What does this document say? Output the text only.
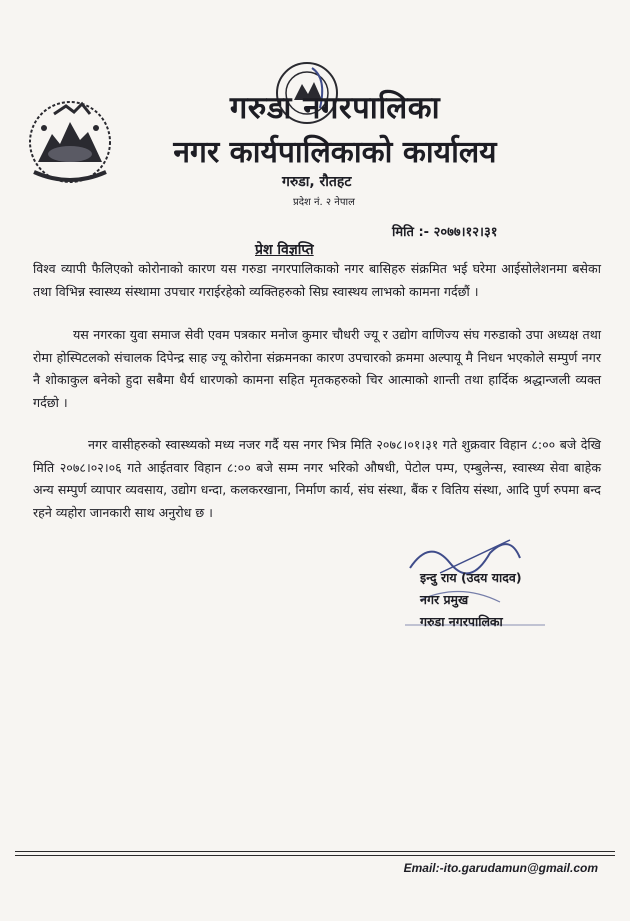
गरुडा नगरपालिका
नगर कार्यपालिकाको कार्यालय
गरुडा, रौतहट
प्रदेश नं. २ नेपाल
मिति :- २०७७।१२।३१
प्रेश विज्ञप्ति
विश्व व्यापी फैलिएको कोरोनाको कारण यस गरुडा नगरपालिकाको नगर बासिहरु संक्रमित भई घरेमा आईसोलेशनमा बसेका तथा विभिन्न स्वास्थ्य संस्थामा उपचार गराईरहेको व्यक्तिहरुको सिघ्र स्वास्थय लाभको कामना गर्दछौं ।
यस नगरका युवा समाज सेवी एवम पत्रकार मनोज कुमार चौधरी ज्यू र उद्योग वाणिज्य संघ गरुडाको उपा अध्यक्ष तथा रोमा होस्पिटलको संचालक दिपेन्द्र साह ज्यू कोरोना संक्रमनका कारण उपचारको क्रममा अल्पायू मै निधन भएकोले सम्पुर्ण नगर नै शोकाकुल बनेको हुदा सबैमा धैर्य धारणको कामना सहित मृतकहरुको चिर आत्माको शान्ती तथा हार्दिक श्रद्धान्जली व्यक्त गर्दछो ।
नगर वासीहरुको स्वास्थ्यको मध्य नजर गर्दै यस नगर भित्र मिति २०७८।०१।३१ गते शुक्रवार विहान ८:०० बजे देखि मिति २०७८।०२।०६ गते आईतवार विहान ८:०० बजे सम्म नगर भरिको औषधी, पेटोल पम्प, एम्बुलेन्स, स्वास्थ्य सेवा बाहेक अन्य सम्पुर्ण व्यापार व्यवसाय, उद्योग धन्दा, कलकरखाना, निर्माण कार्य, संघ संस्था, बैंक र वितिय संस्था, आदि पुर्ण रुपमा बन्द रहने व्यहोरा जानकारी साथ अनुरोध छ ।
इन्दु राय (उदय यादव)
नगर प्रमुख
गरुडा नगरपालिका
Email:-ito.garudamun@gmail.com
